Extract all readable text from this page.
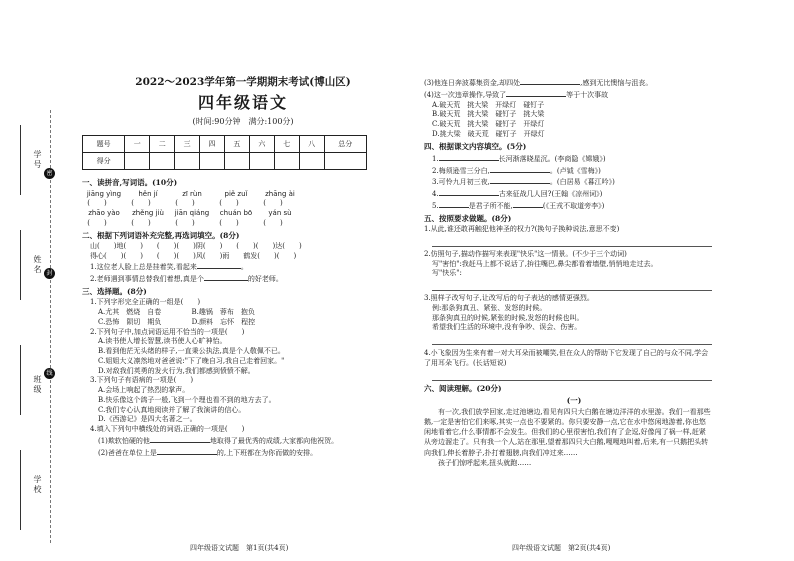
学号
姓名
班级
学校
密
封
线
2022～2023学年第一学期期末考试(博山区)
四年级语文
(时间:90分钟　满分:100分)
题号	一	二	三	四	五	六	七	八	总分
得分									
一、读拼音,写词语。(10分)
jiāng yìng	hěn jí	zī rùn	piě zuǐ	zhāng ài
()	()	()	()	()
zhāo yào	zhěng jiù	jiān qiáng	chuán bō	yán sù
()	()	()	()	()
二、根据下列词语补充完整,再选词填空。(8分)
山(　　)地(　　)　　(　　)(　　)阴(　　)　　(　　)(　　)达(　　)
得心(　　)(　　)　　(　　)(　　)风(　　)雨　　鹤发(　　)(　　)
1.这位老人脸上总是挂着笑,看起来	。
2.老师遇到事情总替我们着想,真是个	的好老师。
三、选择题。(8分)
1.下列字形完全正确的一组是(　　)
A.尤其　燃烧　自卷　　　　	B.趣锅　蓉布　抱负
C.恐怖　陨切　期负　　　　	D.颜料　忘怀　程控
2.下列句子中,加点词语运用不恰当的一项是(　　)
A.读书使人增长智慧,读书使人心旷神怡。
B.看到他茫无头绪的样子,一直秉公执法,真是个人敬佩不已。
C.姐姐大义凛然地对爸爸说:"下了晚自习,我自己走着回家。"
D.对敌我们英勇的发火行为,我们都感到愤愤不解。
3.下列句子有语病的一项是(　　)
A.会场上响起了热烈的掌声。
B.快乐像这个鸽子一般,飞到一个理也看不到的地方去了。
C.我们专心认真地阅读并了解了我演讲的信心。
D.《西游记》是四大名著之一。
4.填入下列句中横线处的词语,正确的一项是(　　)
(1)欺软怕硬的他	地取得了最优秀的成绩,大家都向他祝贺。
(2)爸爸在单位上是	的,上下班都在为你而做的安排。
四年级语文试题　第1页(共4页)
(3)他连日奔波募集资金,却四处	,感到无比懊恼与沮丧。
(4)这一次违章操作,导致了	等于十次事故
A.破天荒　挑大梁　开绿灯　碰钉子
B.破天荒　挑大梁　碰钉子　挑大梁
C.破天荒　挑大梁　碰钉子　开绿灯
D.挑大梁　破天荒　碰钉子　开绿灯
四、根据课文内容填空。(5分)
1.	长河渐落晓星沉。(李商隐《嫦娥》)
2.梅须逊雪三分白,	。(卢钺《雪梅》)
3.可怜九月初三夜,	。(白居易《暮江吟》)
4.	古来征战几人回?(王翰《凉州词》)
5.	是君子所不能,	(《王戎不取道旁李》)
五、按照要求做题。(8分)
1.从此,谁还敢再触犯他神圣的权力?(换句子换种说法,意思不变)
2.仿照句子,描动作描写来表现"快乐"这一情景。(不少于三个动词)
写"害怕":我赶马上都不说话了,拚往嘴巴,鼻尖都看着墙壁,悄悄地走过去。
写"快乐":
3.照样子改写句子,让改写后的句子表达的感情更强烈。
例:那条狗真丑、紧张、发怒的时候。
那条狗真丑的时候,紧张的时候,发怒的时候也叫。
希望我们生活的环境中,没有争吵、误会、伤害。
4.小飞象因为生来有着一对大耳朵而被嘲笑,但在众人的帮助下它发现了自己的与众不同,学会了用耳朵飞行。(长话短说)
六、阅读理解。(20分)
(一)
有一次,我们放学回家,走过池塘边,看见有四只大白鹅在塘边洋洋的水里游。我们一看那些鹅,一定是害怕它们来啄,其实一点也不要紧的。你只要安静一点,它在水中悠闲地游着,你也悠闲地看着它,什么事情都不会发生。但我们的心里很害怕,我们有了企逗,好像闯了祸一样,赶紧从旁边溜走了。只有我一个人,站在那里,望着那四只大白鹅,嘎嘎地叫着,后来,有一只鹅把头转向我们,伸长着脖子,扑打着翅膀,向我们冲过来……
孩子们惊呼起来,扭头就跑……
四年级语文试题　第2页(共4页)
